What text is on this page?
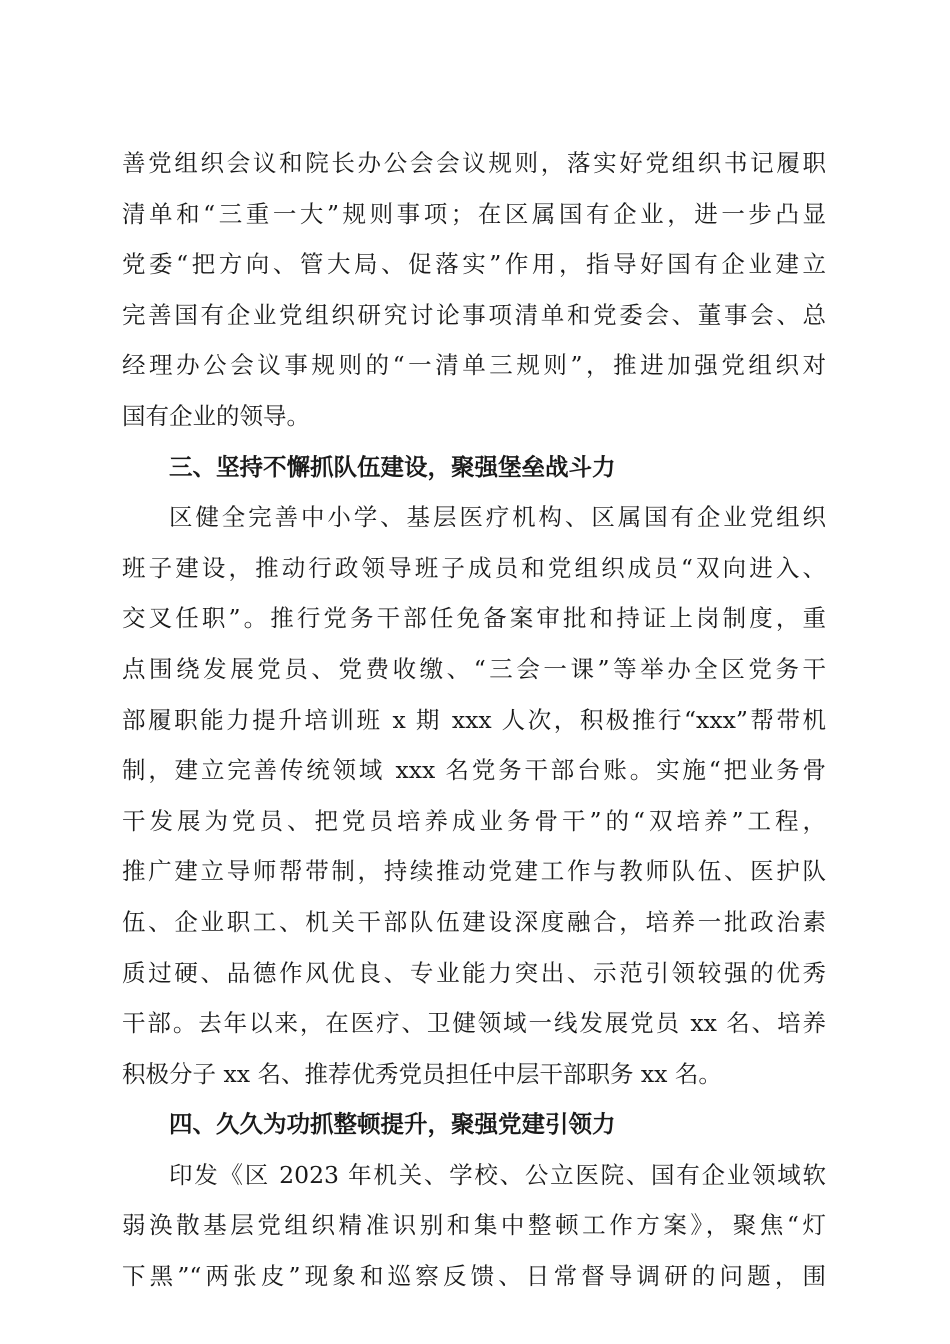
善党组织会议和院长办公会会议规则，落实好党组织书记履职
清单和“三重一大”规则事项；在区属国有企业，进一步凸显
党委“把方向、管大局、促落实”作用，指导好国有企业建立
完善国有企业党组织研究讨论事项清单和党委会、董事会、总
经理办公会议事规则的“一清单三规则”，推进加强党组织对
国有企业的领导。
三、坚持不懈抓队伍建设，聚强堡垒战斗力
区健全完善中小学、基层医疗机构、区属国有企业党组织
班子建设，推动行政领导班子成员和党组织成员“双向进入、
交叉任职”。推行党务干部任免备案审批和持证上岗制度，重
点围绕发展党员、党费收缴、“三会一课”等举办全区党务干
部履职能力提升培训班 x 期 xxx 人次，积极推行“xxx”帮带机
制，建立完善传统领域 xxx 名党务干部台账。实施“把业务骨
干发展为党员、把党员培养成业务骨干”的“双培养”工程，
推广建立导师帮带制，持续推动党建工作与教师队伍、医护队
伍、企业职工、机关干部队伍建设深度融合，培养一批政治素
质过硬、品德作风优良、专业能力突出、示范引领较强的优秀
干部。去年以来，在医疗、卫健领域一线发展党员 xx 名、培养
积极分子 xx 名、推荐优秀党员担任中层干部职务 xx 名。
四、久久为功抓整顿提升，聚强党建引领力
印发《区 2023 年机关、学校、公立医院、国有企业领域软
弱涣散基层党组织精准识别和集中整顿工作方案》，聚焦“灯
下黑”“两张皮”现象和巡察反馈、日常督导调研的问题，围
